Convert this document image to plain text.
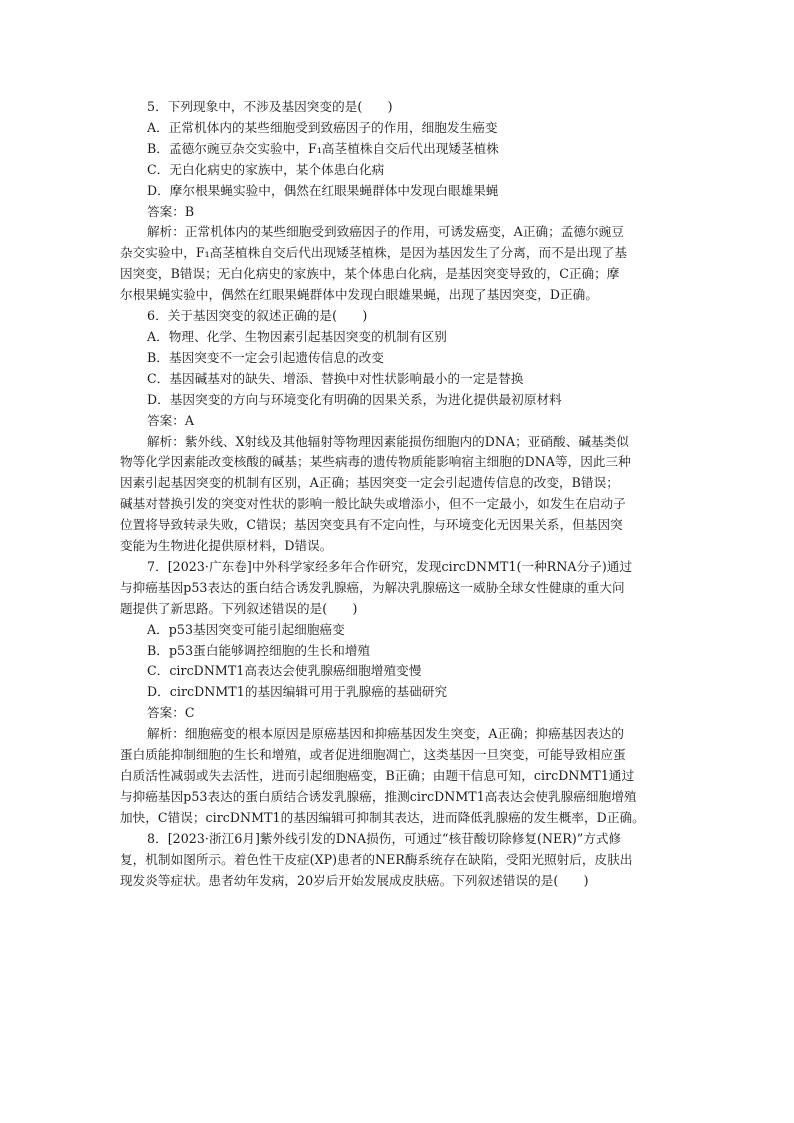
5．下列现象中，不涉及基因突变的是(　　)
A．正常机体内的某些细胞受到致癌因子的作用，细胞发生癌变
B．孟德尔豌豆杂交实验中，F₁高茎植株自交后代出现矮茎植株
C．无白化病史的家族中，某个体患白化病
D．摩尔根果蝇实验中，偶然在红眼果蝇群体中发现白眼雄果蝇
答案：B
解析：正常机体内的某些细胞受到致癌因子的作用，可诱发癌变，A正确；孟德尔豌豆
杂交实验中，F₁高茎植株自交后代出现矮茎植株，是因为基因发生了分离，而不是出现了基
因突变，B错误；无白化病史的家族中，某个体患白化病，是基因突变导致的，C正确；摩
尔根果蝇实验中，偶然在红眼果蝇群体中发现白眼雄果蝇，出现了基因突变，D正确。
6．关于基因突变的叙述正确的是(　　)
A．物理、化学、生物因素引起基因突变的机制有区别
B．基因突变不一定会引起遗传信息的改变
C．基因碱基对的缺失、增添、替换中对性状影响最小的一定是替换
D．基因突变的方向与环境变化有明确的因果关系，为进化提供最初原材料
答案：A
解析：紫外线、X射线及其他辐射等物理因素能损伤细胞内的DNA；亚硝酸、碱基类似
物等化学因素能改变核酸的碱基；某些病毒的遗传物质能影响宿主细胞的DNA等，因此三种
因素引起基因突变的机制有区别，A正确；基因突变一定会引起遗传信息的改变，B错误；
碱基对替换引发的突变对性状的影响一般比缺失或增添小，但不一定最小，如发生在启动子
位置将导致转录失败，C错误；基因突变具有不定向性，与环境变化无因果关系，但基因突
变能为生物进化提供原材料，D错误。
7．[2023·广东卷]中外科学家经多年合作研究，发现circDNMT1(一种RNA分子)通过
与抑癌基因p53表达的蛋白结合诱发乳腺癌，为解决乳腺癌这一威胁全球女性健康的重大问
题提供了新思路。下列叙述错误的是(　　)
A．p53基因突变可能引起细胞癌变
B．p53蛋白能够调控细胞的生长和增殖
C．circDNMT1高表达会使乳腺癌细胞增殖变慢
D．circDNMT1的基因编辑可用于乳腺癌的基础研究
答案：C
解析：细胞癌变的根本原因是原癌基因和抑癌基因发生突变，A正确；抑癌基因表达的
蛋白质能抑制细胞的生长和增殖，或者促进细胞凋亡，这类基因一旦突变，可能导致相应蛋
白质活性减弱或失去活性，进而引起细胞癌变，B正确；由题干信息可知，circDNMT1通过
与抑癌基因p53表达的蛋白质结合诱发乳腺癌，推测circDNMT1高表达会使乳腺癌细胞增殖
加快，C错误；circDNMT1的基因编辑可抑制其表达，进而降低乳腺癌的发生概率，D正确。
8．[2023·浙江6月]紫外线引发的DNA损伤，可通过“核苷酸切除修复(NER)”方式修
复，机制如图所示。着色性干皮症(XP)患者的NER酶系统存在缺陷，受阳光照射后，皮肤出
现发炎等症状。患者幼年发病，20岁后开始发展成皮肤癌。下列叙述错误的是(　　)
